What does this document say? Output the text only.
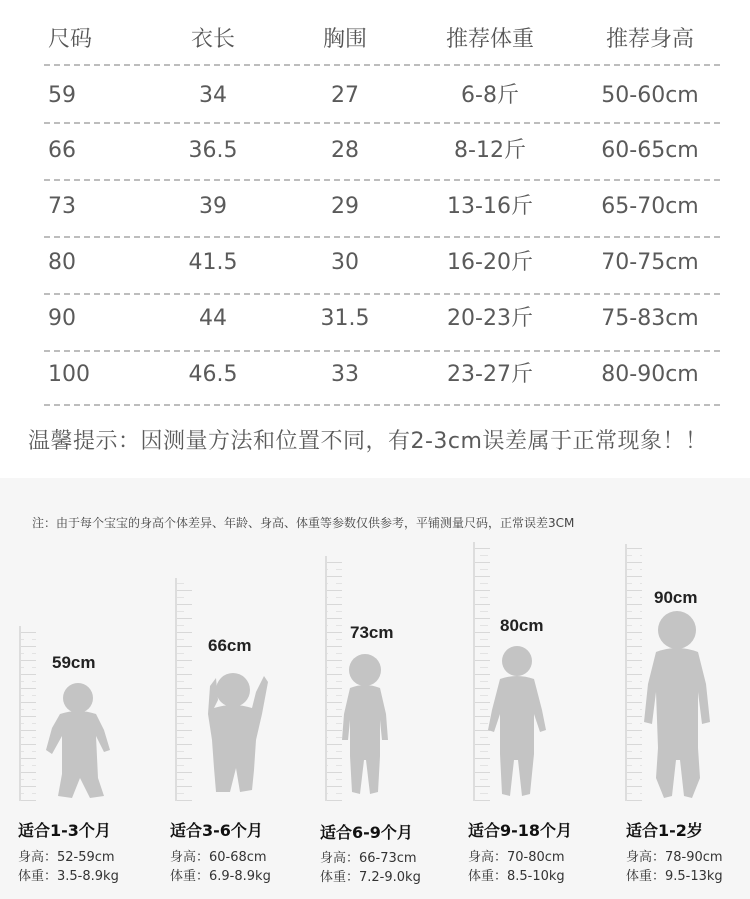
尺码	衣长	胸围	推荐体重	推荐身高
59	34	27	6-8斤	50-60cm
66	36.5	28	8-12斤	60-65cm
73	39	29	13-16斤	65-70cm
80	41.5	30	16-20斤	70-75cm
90	44	31.5	20-23斤	75-83cm
100	46.5	33	23-27斤	80-90cm
温馨提示：因测量方法和位置不同，有2-3cm误差属于正常现象！！
注：由于每个宝宝的身高个体差异、年龄、身高、体重等参数仅供参考，平铺测量尺码，正常误差3CM
59cm
66cm
73cm	80cm
90cm
适合1-3个月	适合3-6个月	适合6-9个月	适合9-18个月	适合1-2岁
身高：52-59cm	身高：60-68cm	身高：66-73cm	身高：70-80cm	身高：78-90cm
体重：3.5-8.9kg	体重：6.9-8.9kg	体重：7.2-9.0kg	体重：8.5-10kg	体重：9.5-13kg
